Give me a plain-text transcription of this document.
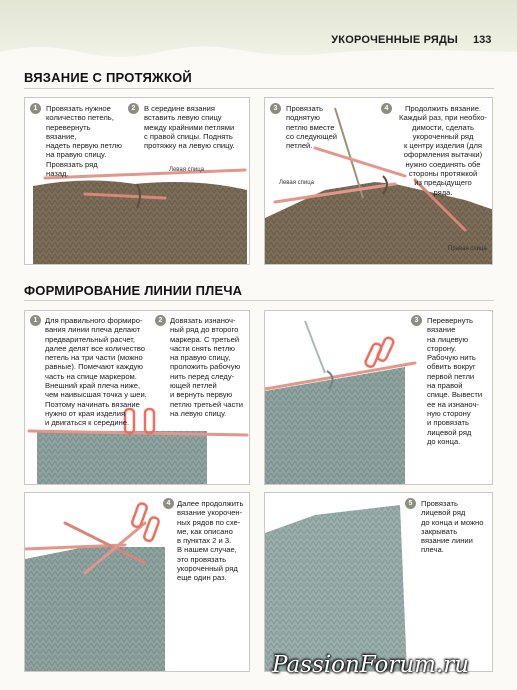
УКОРОЧЕННЫЕ РЯДЫ 133
ВЯЗАНИЕ С ПРОТЯЖКОЙ
1	Провязать нужное
количество петель,
перевернуть вязание,
надеть первую петлю
на правую спицу.
Провязать ряд назад.
2	В середине вязания
вставить левую спицу
между крайними петлями
с правой спицы. Поднять
протяжку на левую спицу.
Левая спица
3	Провязать
поднятую
петлю вместе
со следующей
петлей.
4	Продолжить вязание.
Каждый раз, при необхо-
димости, сделать
укороченный ряд
к центру изделия (для
оформления вытачки)
нужно соединять обе
стороны протяжкой
из предыдущего
ряда.
Левая спица
Правая спица
ФОРМИРОВАНИЕ ЛИНИИ ПЛЕЧА
1 Для правильного формиро-
вания линии плеча делают
предварительный расчет,
далее делят все количество
петель на три части (можно
равные). Помечают каждую
часть на спице маркером.
Внешний край плеча ниже,
чем наивысшая точка у шеи.
Поэтому начинать вязание
нужно от края изделия
и двигаться к середине.
2 Довязать изнаноч-
ный ряд до второго
маркера. С третьей
части снять петлю
на правую спицу,
проложить рабочую
нить перед следу-
ющей петлей
и вернуть первую
петлю третьей части
на левую спицу.
3	Перевернуть
вязание
на лицевую
сторону.
Рабочую нить
обвить вокруг
первой петли
на правой
спице. Вывести
ее на изнаноч-
ную сторону
и провязать
лицевой ряд
до конца.
4 Далее продолжить
вязание укорочен-
ных рядов по схе-
ме, как описано
в пунктах 2 и 3.
В нашем случае,
это провязать
укороченный ряд
еще один раз.
5	Провязать
лицевой ряд
до конца и можно
закрывать
вязание линии
плеча.
PassionForum.ru
